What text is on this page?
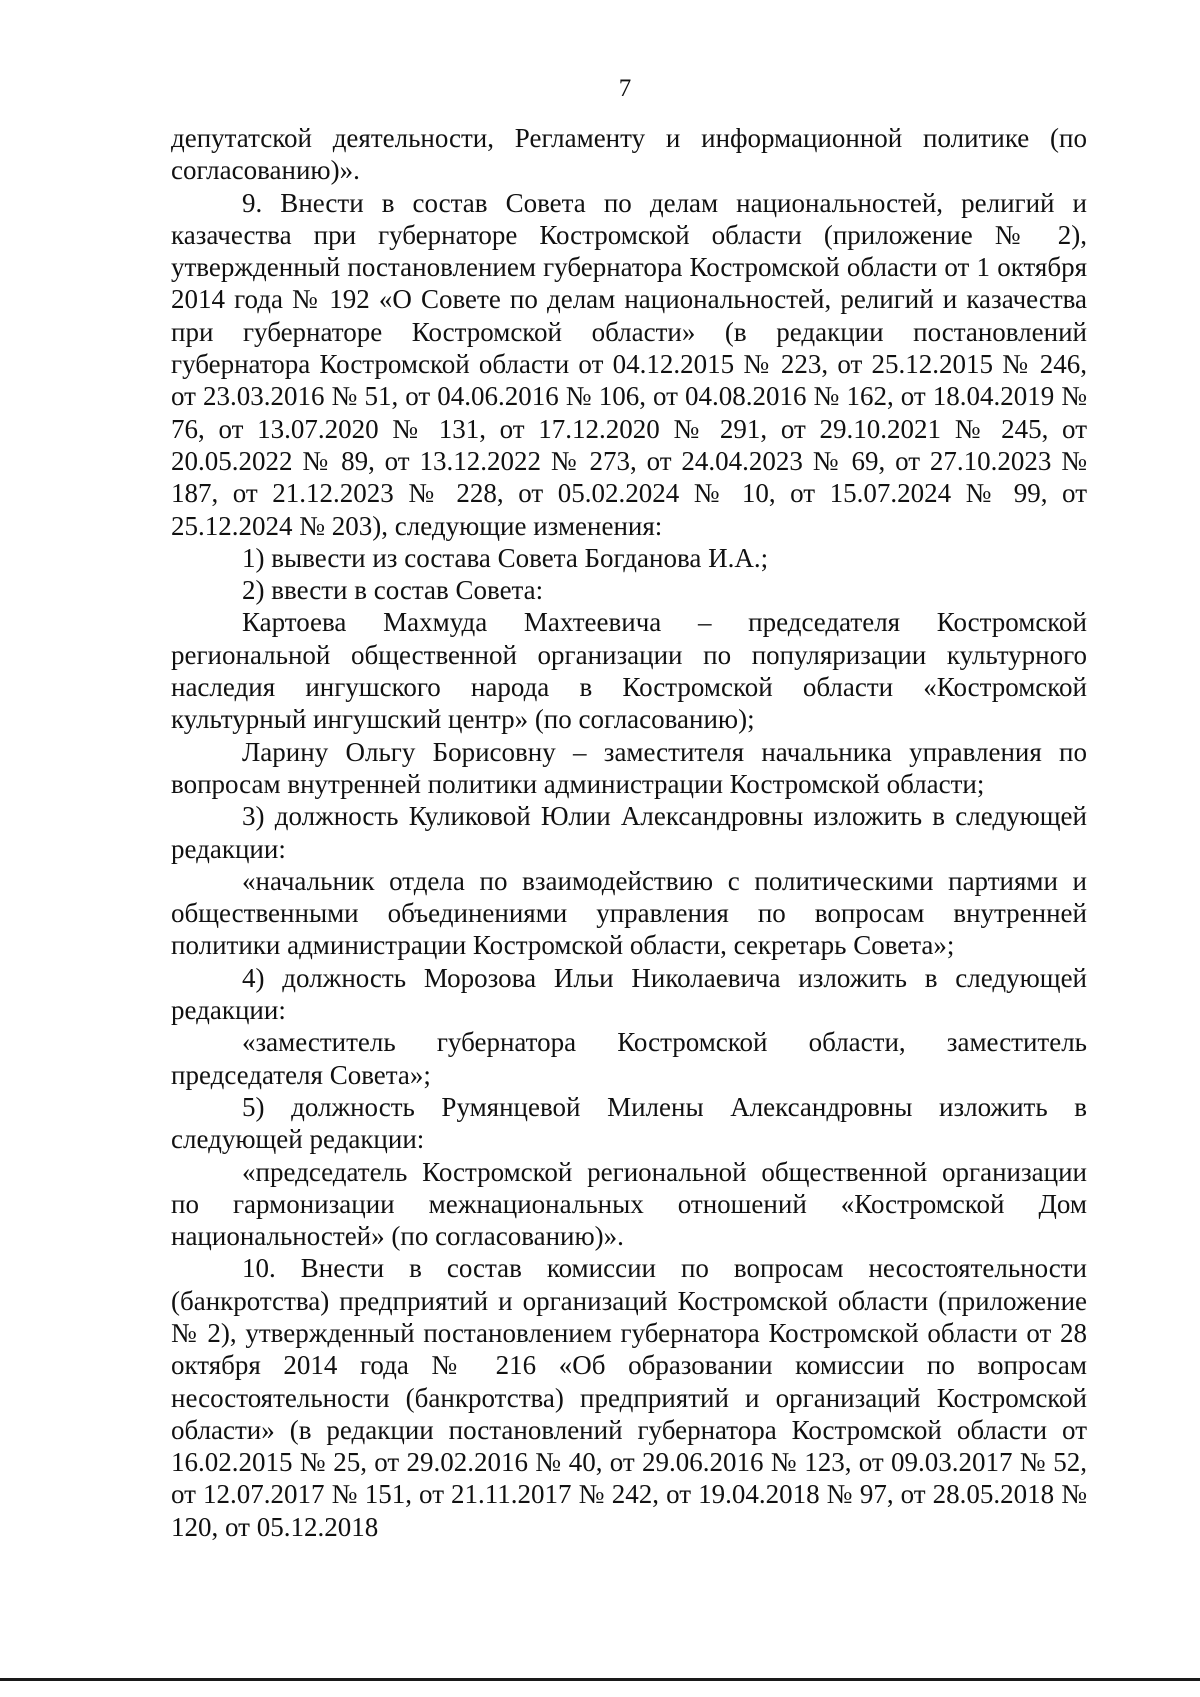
7

депутатской деятельности, Регламенту и информационной политике (по согласованию)».

9. Внести в состав Совета по делам национальностей, религий и казачества при губернаторе Костромской области (приложение № 2), утвержденный постановлением губернатора Костромской области от 1 октября 2014 года № 192 «О Совете по делам национальностей, религий и казачества при губернаторе Костромской области» (в редакции постановлений губернатора Костромской области от 04.12.2015 № 223, от 25.12.2015 № 246, от 23.03.2016 № 51, от 04.06.2016 № 106, от 04.08.2016 № 162, от 18.04.2019 № 76, от 13.07.2020 № 131, от 17.12.2020 № 291, от 29.10.2021 № 245, от 20.05.2022 № 89, от 13.12.2022 № 273, от 24.04.2023 № 69, от 27.10.2023 № 187, от 21.12.2023 № 228, от 05.02.2024 № 10, от 15.07.2024 № 99, от 25.12.2024 № 203), следующие изменения:

1) вывести из состава Совета Богданова И.А.;

2) ввести в состав Совета:

Картоева Махмуда Махтеевича – председателя Костромской региональной общественной организации по популяризации культурного наследия ингушского народа в Костромской области «Костромской культурный ингушский центр» (по согласованию);

Ларину Ольгу Борисовну – заместителя начальника управления по вопросам внутренней политики администрации Костромской области;

3) должность Куликовой Юлии Александровны изложить в следующей редакции:

«начальник отдела по взаимодействию с политическими партиями и общественными объединениями управления по вопросам внутренней политики администрации Костромской области, секретарь Совета»;

4) должность Морозова Ильи Николаевича изложить в следующей редакции:

«заместитель губернатора Костромской области, заместитель председателя Совета»;

5) должность Румянцевой Милены Александровны изложить в следующей редакции:

«председатель Костромской региональной общественной организации по гармонизации межнациональных отношений «Костромской Дом национальностей» (по согласованию)».

10. Внести в состав комиссии по вопросам несостоятельности (банкротства) предприятий и организаций Костромской области (приложение № 2), утвержденный постановлением губернатора Костромской области от 28 октября 2014 года № 216 «Об образовании комиссии по вопросам несостоятельности (банкротства) предприятий и организаций Костромской области» (в редакции постановлений губернатора Костромской области от 16.02.2015 № 25, от 29.02.2016 № 40, от 29.06.2016 № 123, от 09.03.2017 № 52, от 12.07.2017 № 151, от 21.11.2017 № 242, от 19.04.2018 № 97, от 28.05.2018 № 120, от 05.12.2018
